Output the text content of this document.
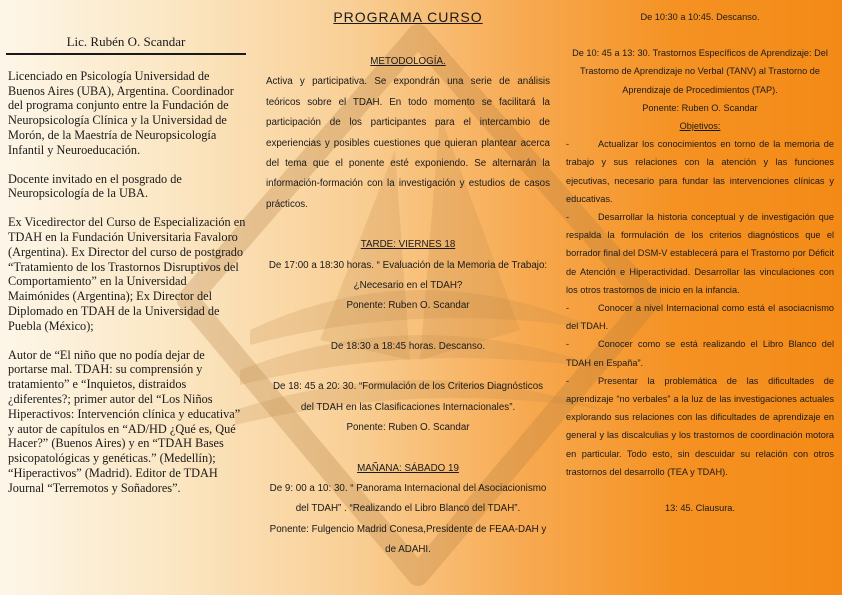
Lic. Rubén O. Scandar

Licenciado en Psicología Universidad de Buenos Aires (UBA), Argentina. Coordinador del programa conjunto entre la Fundación de Neuropsicología Clínica y la Universidad de Morón, de la Maestría de Neuropsicología Infantil y Neuroeducación.

Docente invitado en el posgrado de Neuropsicología de la UBA.

Ex Vicedirector del Curso de Especialización en TDAH en la Fundación Universitaria Favaloro (Argentina). Ex Director del curso de postgrado “Tratamiento de los Trastornos Disruptivos del Comportamiento” en la Universidad Maimónides (Argentina); Ex Director del Diplomado en TDAH de la Universidad de Puebla (México);

Autor de “El niño que no podía dejar de portarse mal. TDAH: su comprensión y tratamiento” e “Inquietos, distraidos ¿diferentes?; primer autor del “Los Niños Hiperactivos: Intervención clínica y educativa” y autor de capítulos en “AD/HD ¿Qué es, Qué Hacer?” (Buenos Aires) y en “TDAH Bases psicopatológicas y genéticas.” (Medellín); “Hiperactivos” (Madrid). Editor de TDAH Journal “Terremotos y Soñadores”.

PROGRAMA CURSO
METODOLOGÍA.
Activa y participativa. Se expondrán una serie de análisis teóricos sobre el TDAH. En todo momento se facilitará la participación de los participantes para el intercambio de experiencias y posibles cuestiones que quieran plantear acerca del tema que el ponente esté exponiendo. Se alternarán la información-formación con la investigación y estudios de casos prácticos.
TARDE: VIERNES 18
De 17:00 a 18:30 horas. “ Evaluación de la Memoria de Trabajo: ¿Necesario en el TDAH?
Ponente: Ruben O. Scandar
De 18:30 a 18:45 horas. Descanso.
De 18: 45 a 20: 30. “Formulación de los Criterios Diagnósticos del TDAH en las Clasificaciones Internacionales”.
Ponente: Ruben O. Scandar
MAÑANA: SÁBADO 19
De 9: 00 a 10: 30. “ Panorama Internacional del Asociacionismo del TDAH” . “Realizando el Libro Blanco del TDAH”.
Ponente: Fulgencio Madrid Conesa,Presidente de FEAA-DAH y de ADAHI.
De 10:30 a 10:45. Descanso.
De 10: 45 a 13: 30. Trastornos Específicos de Aprendizaje: Del Trastorno de Aprendizaje no Verbal (TANV) al Trastorno de Aprendizaje de Procedimientos (TAP).
Ponente: Ruben O. Scandar
Objetivos:
-	Actualizar los conocimientos en torno de la memoria de trabajo y sus relaciones con la atención y las funciones ejecutivas, necesario para fundar las intervenciones clínicas y educativas.
-	Desarrollar la historia conceptual y de investigación que respalda la formulación de los criterios diagnósticos que el borrador final del DSM-V establecerá para el Trastorno por Déficit de Atención e Hiperactividad. Desarrollar las vinculaciones con los otros trastornos de inicio en la infancia.
-	Conocer a nivel Internacional como está el asociacnismo del TDAH.
-	Conocer como se está realizando el Libro Blanco del TDAH en España”.
-	Presentar la problemática de las dificultades de aprendizaje “no verbales” a la luz de las investigaciones actuales explorando sus relaciones con las dificultades de aprendizaje en general y las discalculias y los trastornos de coordinación motora en particular. Todo esto, sin descuidar su relación con otros trastornos del desarrollo (TEA y TDAH).
13: 45. Clausura.
